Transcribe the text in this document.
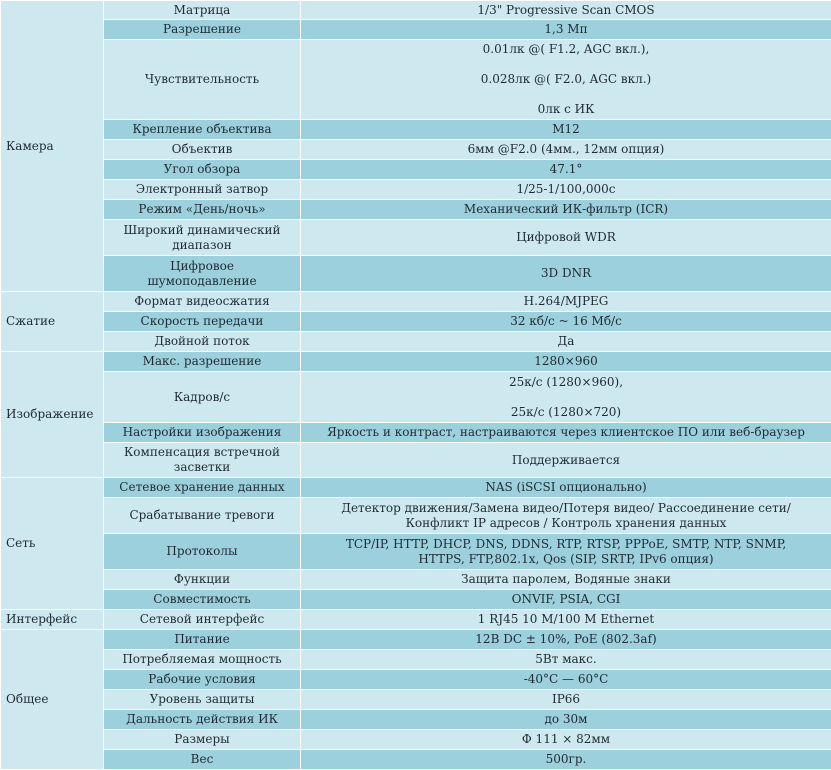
Камера	Матрица	1/3" Progressive Scan CMOS

	Разрешение	1,3 Мп

	Чувствительность	0.01лк @( F1.2, AGC вкл.),

0.028лк @( F2.0, AGC вкл.)

0лк с ИК

	Крепление объектива	M12

	Объектив	6мм @F2.0 (4мм., 12мм опция)

	Угол обзора	47.1°

	Электронный затвор	1/25-1/100,000с

	Режим «День/ночь»	Механический ИК-фильтр (ICR)

	Широкий динамический
диапазон	Цифровой WDR

	Цифровое
шумоподавление	3D DNR

Сжатие	Формат видеосжатия	H.264/MJPEG

	Скорость передачи	32 кб/с ~ 16 Мб/с

	Двойной поток	Да

Изображение	Макс. разрешение	1280×960

	Кадров/с	25к/с (1280×960),

25к/с (1280×720)

	Настройки изображения	Яркость и контраст, настраиваются через клиентское ПО или веб-браузер

	Компенсация встречной
засветки	Поддерживается

Сеть	Сетевое хранение данных	NAS (iSCSI опционально)

	Срабатывание тревоги	Детектор движения/Замена видео/Потеря видео/ Рассоединение сети/
Конфликт IP адресов / Контроль хранения данных

	Протоколы	TCP/IP, HTTP, DHCP, DNS, DDNS, RTP, RTSP, PPPoE, SMTP, NTP, SNMP,
HTTPS, FTP,802.1x, Qos (SIP, SRTP, IPv6 опция)

	Функции	Защита паролем, Водяные знаки

	Совместимость	ONVIF, PSIA, CGI

Интерфейс	Сетевой интерфейс	1 RJ45 10 M/100 M Ethernet

Общее	Питание	12В DC ± 10%, PoE (802.3af)

	Потребляемая мощность	5Вт макс.

	Рабочие условия	-40°C — 60°C

	Уровень защиты	IP66

	Дальность действия ИК	до 30м

	Размеры	Φ 111 × 82мм

	Вес	500гр.
